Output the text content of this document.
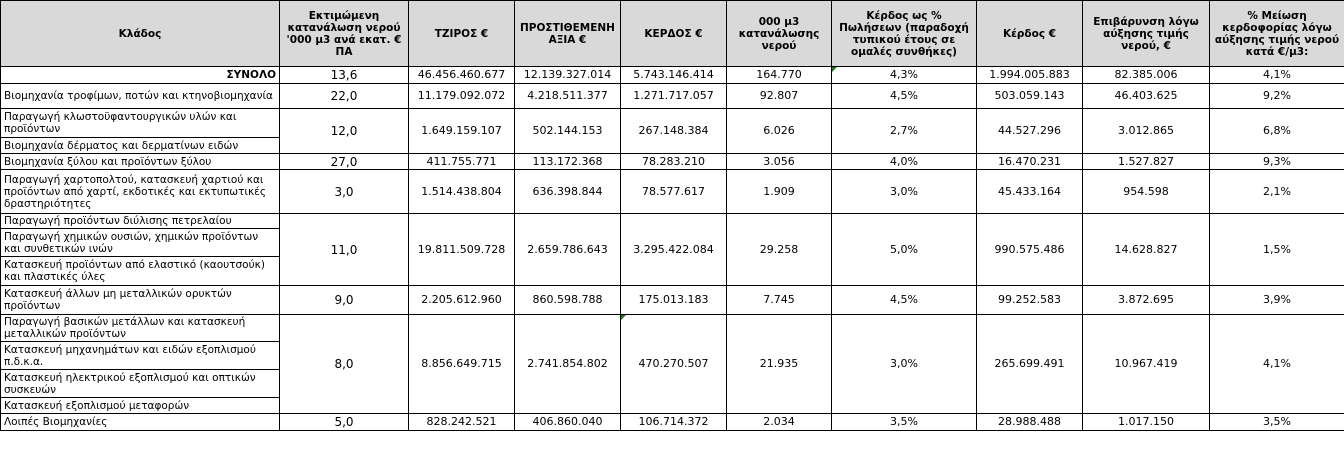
Κλάδος	Εκτιμώμενη κατανάλωση νερού '000 μ3 ανά εκατ. € ΠΑ	ΤΖΙΡΟΣ €	ΠΡΟΣΤΙΘΕΜΕΝΗ ΑΞΙΑ €	ΚΕΡΔΟΣ €	000 μ3 κατανάλωσης νερού	Κέρδος ως % Πωλήσεων (παραδοχή τυπικού έτους σε ομαλές συνθήκες)	Κέρδος €	Επιβάρυνση λόγω αύξησης τιμής νερού, €	% Μείωση κερδοφορίας λόγω αύξησης τιμής νερού κατά €/μ3:
ΣΥΝΟΛΟ	13,6	46.456.460.677	12.139.327.014	5.743.146.414	164.770	4,3%	1.994.005.883	82.385.006	4,1%
Βιομηχανία τροφίμων, ποτών και κτηνοβιομηχανία	22,0	11.179.092.072	4.218.511.377	1.271.717.057	92.807	4,5%	503.059.143	46.403.625	9,2%
Παραγωγή κλωστοϋφαντουργικών υλών και προϊόντων	12,0	1.649.159.107	502.144.153	267.148.384	6.026	2,7%	44.527.296	3.012.865	6,8%
Βιομηχανία δέρματος και δερματίνων ειδών									
Βιομηχανία ξύλου και προϊόντων ξύλου	27,0	411.755.771	113.172.368	78.283.210	3.056	4,0%	16.470.231	1.527.827	9,3%
Παραγωγή χαρτοπολτού, κατασκευή χαρτιού και προϊόντων από χαρτί, εκδοτικές και εκτυπωτικές δραστηριότητες	3,0	1.514.438.804	636.398.844	78.577.617	1.909	3,0%	45.433.164	954.598	2,1%
Παραγωγή προϊόντων διύλισης πετρελαίου	11,0	19.811.509.728	2.659.786.643	3.295.422.084	29.258	5,0%	990.575.486	14.628.827	1,5%
Παραγωγή χημικών ουσιών, χημικών προϊόντων και συνθετικών ινών									
Κατασκευή προϊόντων από ελαστικό (καουτσούκ) και πλαστικές ύλες									
Κατασκευή άλλων μη μεταλλικών ορυκτών προϊόντων	9,0	2.205.612.960	860.598.788	175.013.183	7.745	4,5%	99.252.583	3.872.695	3,9%
Παραγωγή βασικών μετάλλων και κατασκευή μεταλλικών προϊόντων	8,0	8.856.649.715	2.741.854.802	470.270.507	21.935	3,0%	265.699.491	10.967.419	4,1%
Κατασκευή μηχανημάτων και ειδών εξοπλισμού π.δ.κ.α.									
Κατασκευή ηλεκτρικού εξοπλισμού και οπτικών συσκευών									
Κατασκευή εξοπλισμού μεταφορών									
Λοιπές Βιομηχανίες	5,0	828.242.521	406.860.040	106.714.372	2.034	3,5%	28.988.488	1.017.150	3,5%
